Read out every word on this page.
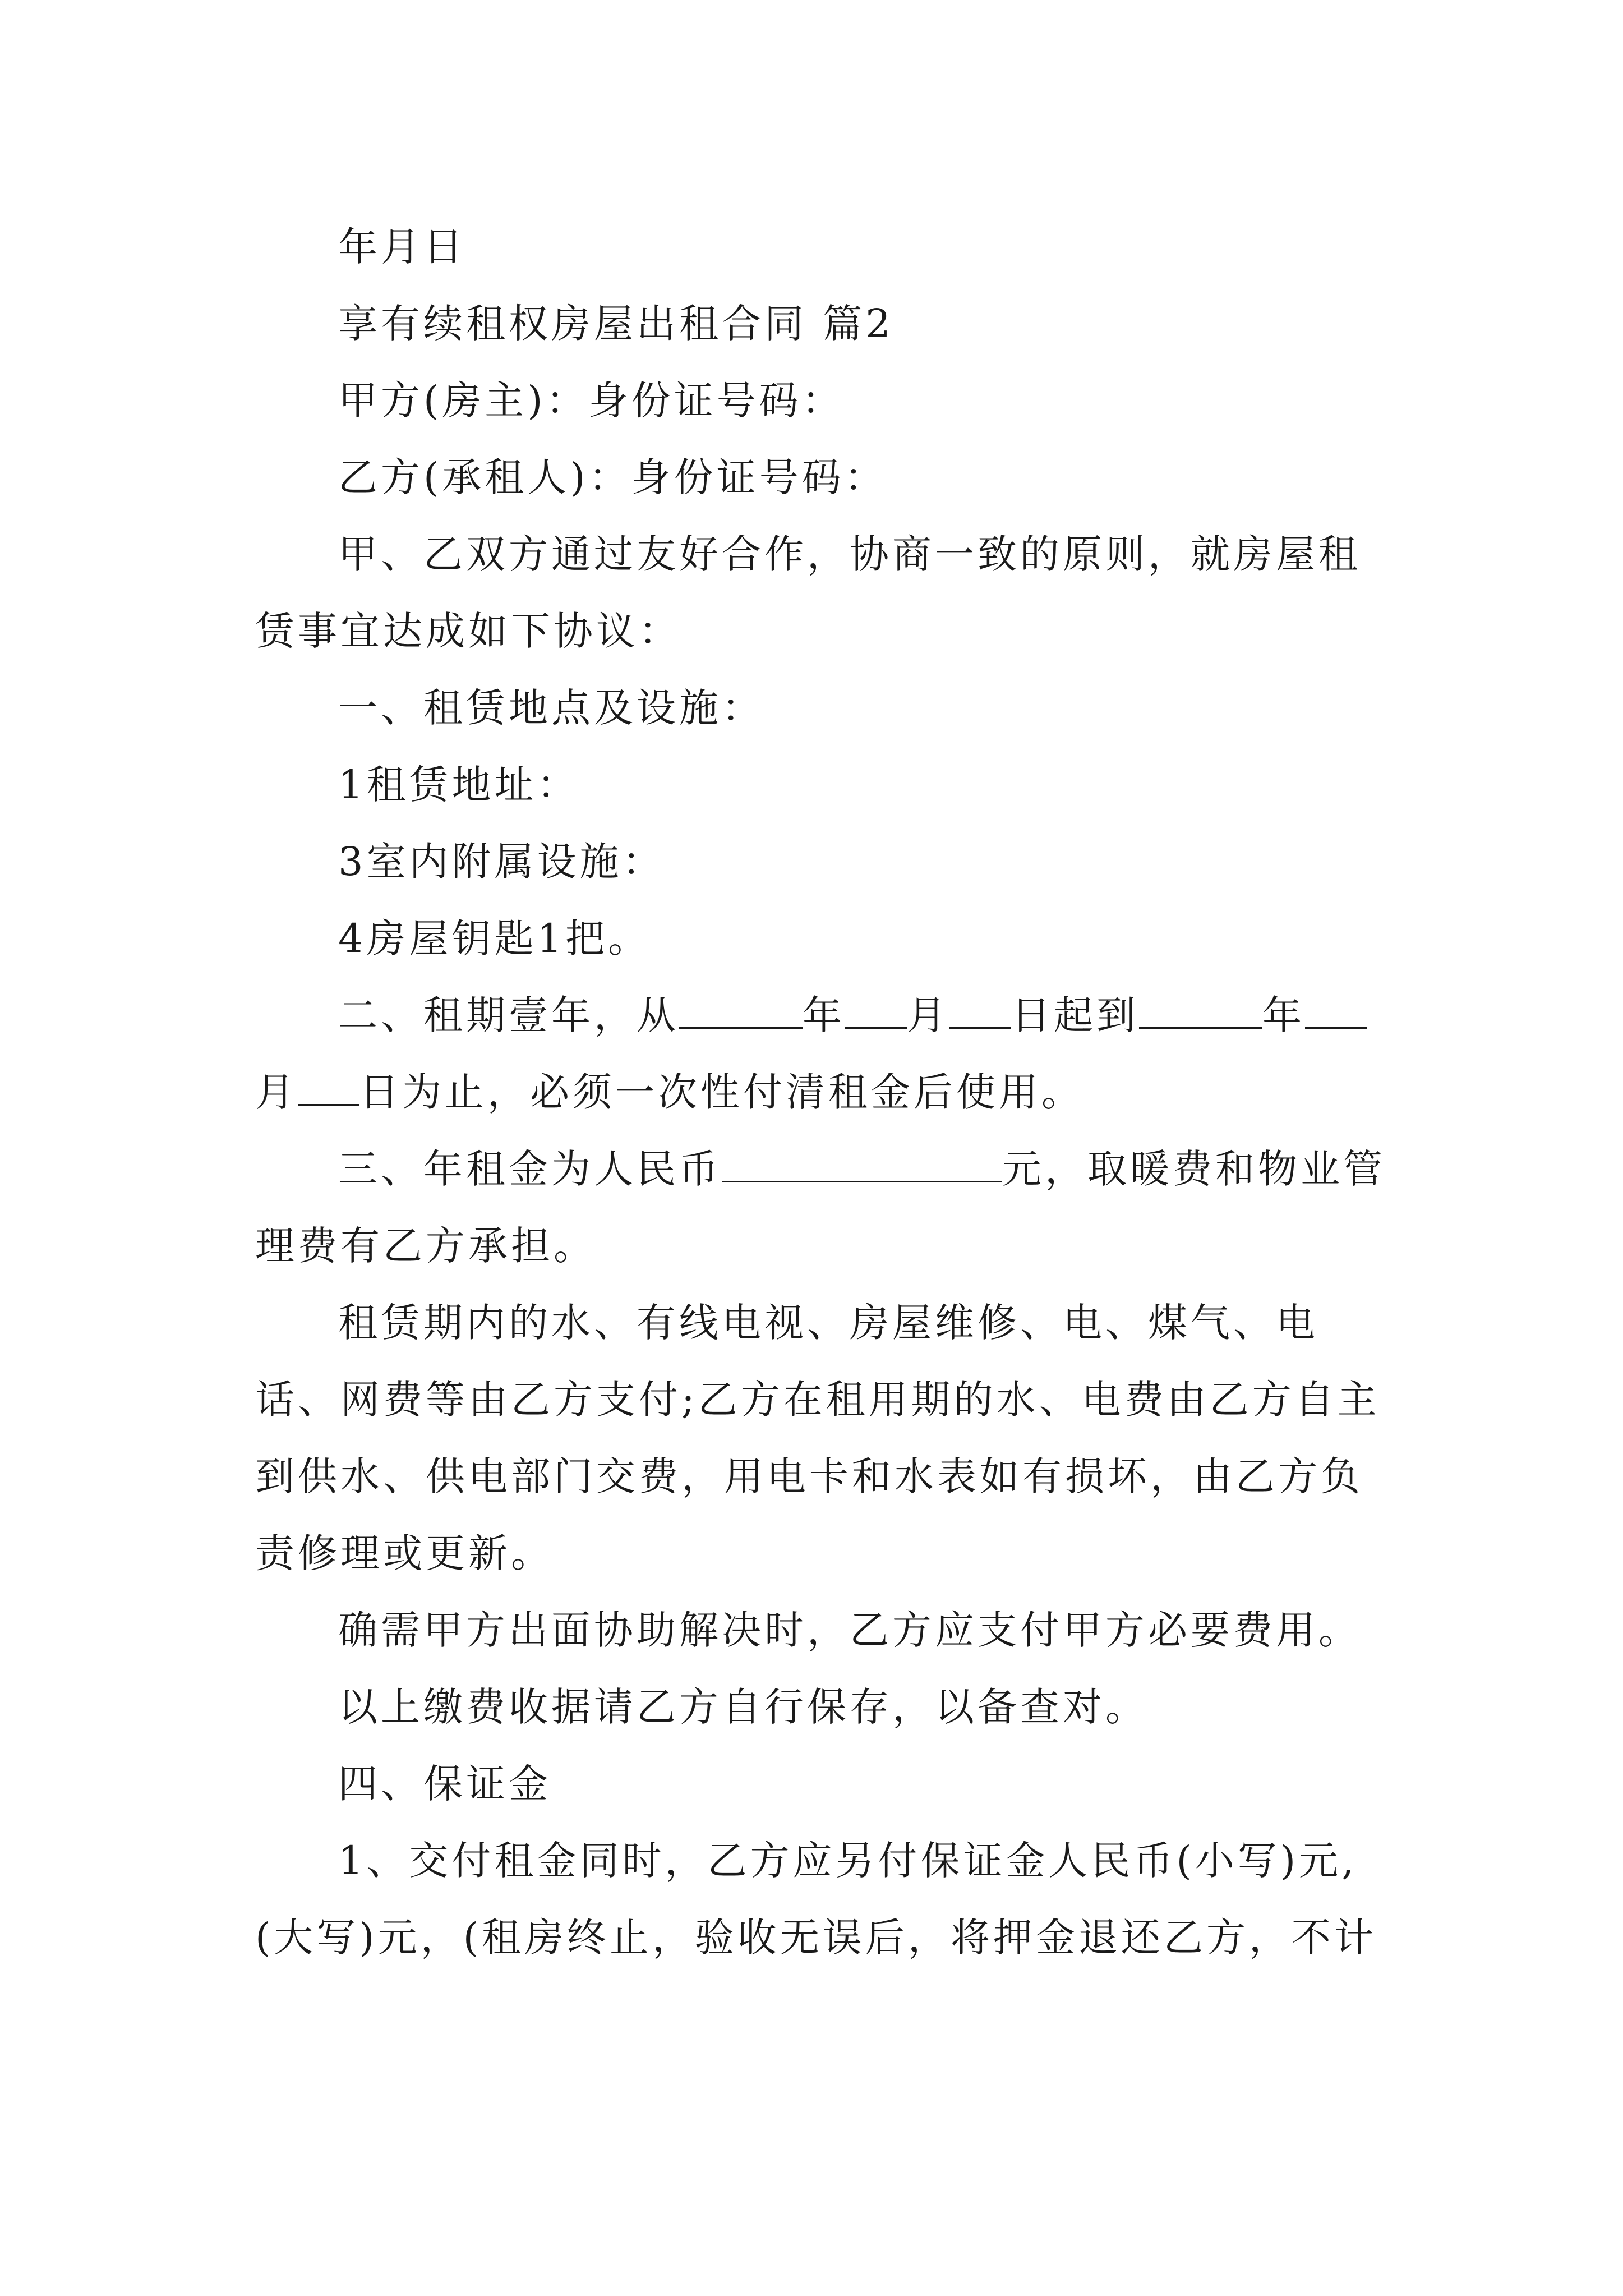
年月日

享有续租权房屋出租合同 篇2

甲方(房主)：身份证号码：

乙方(承租人)：身份证号码：

甲、乙双方通过友好合作，协商一致的原则，就房屋租赁事宜达成如下协议：

一、租赁地点及设施：

1租赁地址：

3室内附属设施：

4房屋钥匙1把。

二、租期壹年，从	年 月 日起到	年月 日为止，必须一次性付清租金后使用。

三、年租金为人民币	元，取暖费和物业管理费有乙方承担。

租赁期内的水、有线电视、房屋维修、电、煤气、电话、网费等由乙方支付;乙方在租用期的水、电费由乙方自主到供水、供电部门交费，用电卡和水表如有损坏，由乙方负责修理或更新。

确需甲方出面协助解决时，乙方应支付甲方必要费用。

以上缴费收据请乙方自行保存，以备查对。

四、保证金

1、交付租金同时，乙方应另付保证金人民币(小写)元,(大写)元，(租房终止，验收无误后，将押金退还乙方，不计
